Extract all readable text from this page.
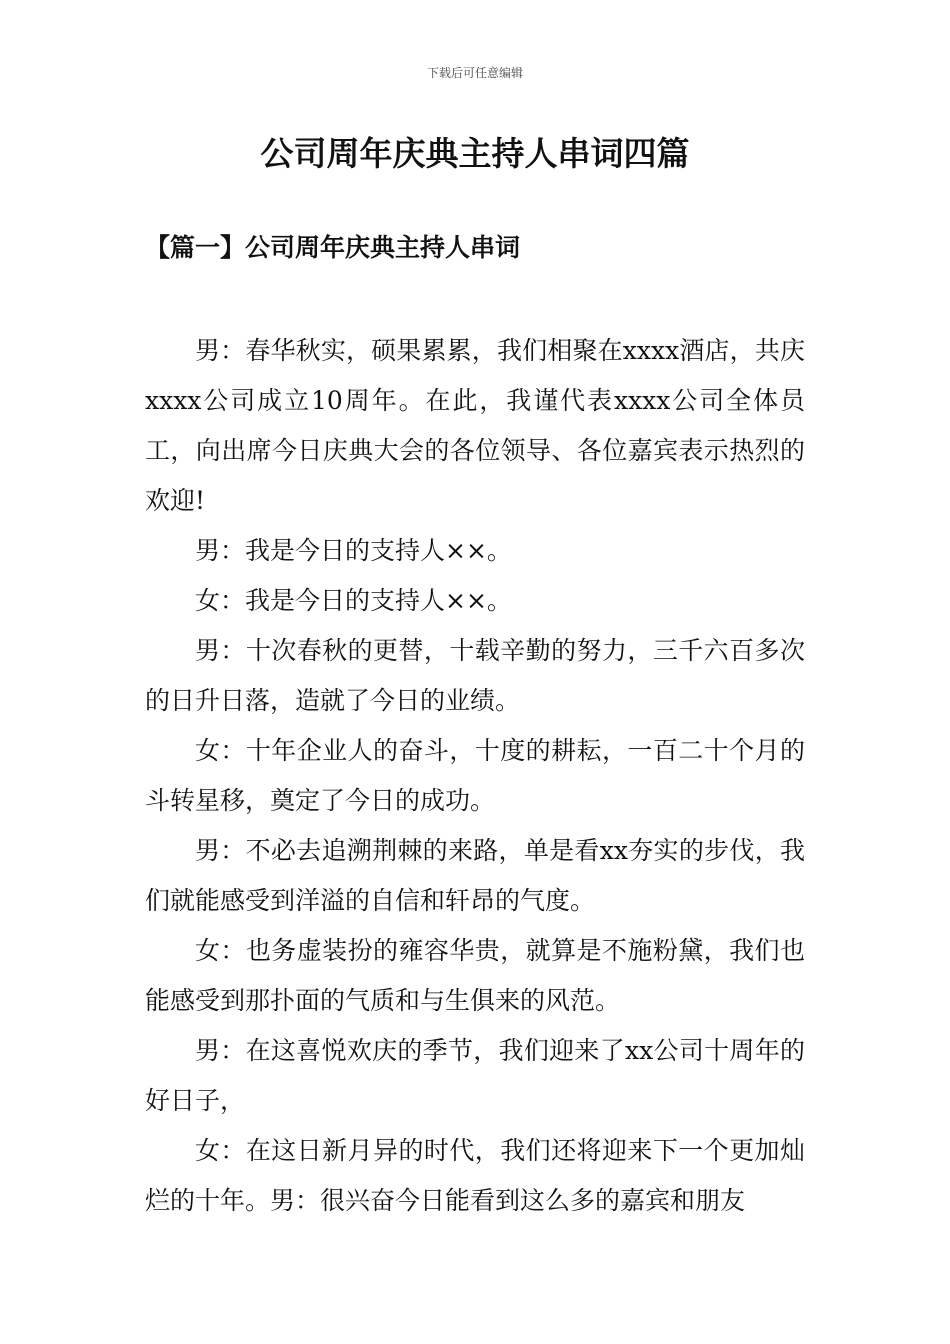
下载后可任意编辑
公司周年庆典主持人串词四篇
【篇一】公司周年庆典主持人串词

男：春华秋实，硕果累累，我们相聚在xxxx酒店，共庆xxxx公司成立10周年。在此，我谨代表xxxx公司全体员工，向出席今日庆典大会的各位领导、各位嘉宾表示热烈的欢迎!

男：我是今日的支持人××。

女：我是今日的支持人××。

男：十次春秋的更替，十载辛勤的努力，三千六百多次的日升日落，造就了今日的业绩。

女：十年企业人的奋斗，十度的耕耘，一百二十个月的斗转星移，奠定了今日的成功。

男：不必去追溯荆棘的来路，单是看xx夯实的步伐，我们就能感受到洋溢的自信和轩昂的气度。

女：也务虚装扮的雍容华贵，就算是不施粉黛，我们也能感受到那扑面的气质和与生俱来的风范。

男：在这喜悦欢庆的季节，我们迎来了xx公司十周年的好日子，

女：在这日新月异的时代，我们还将迎来下一个更加灿烂的十年。男：很兴奋今日能看到这么多的嘉宾和朋友
